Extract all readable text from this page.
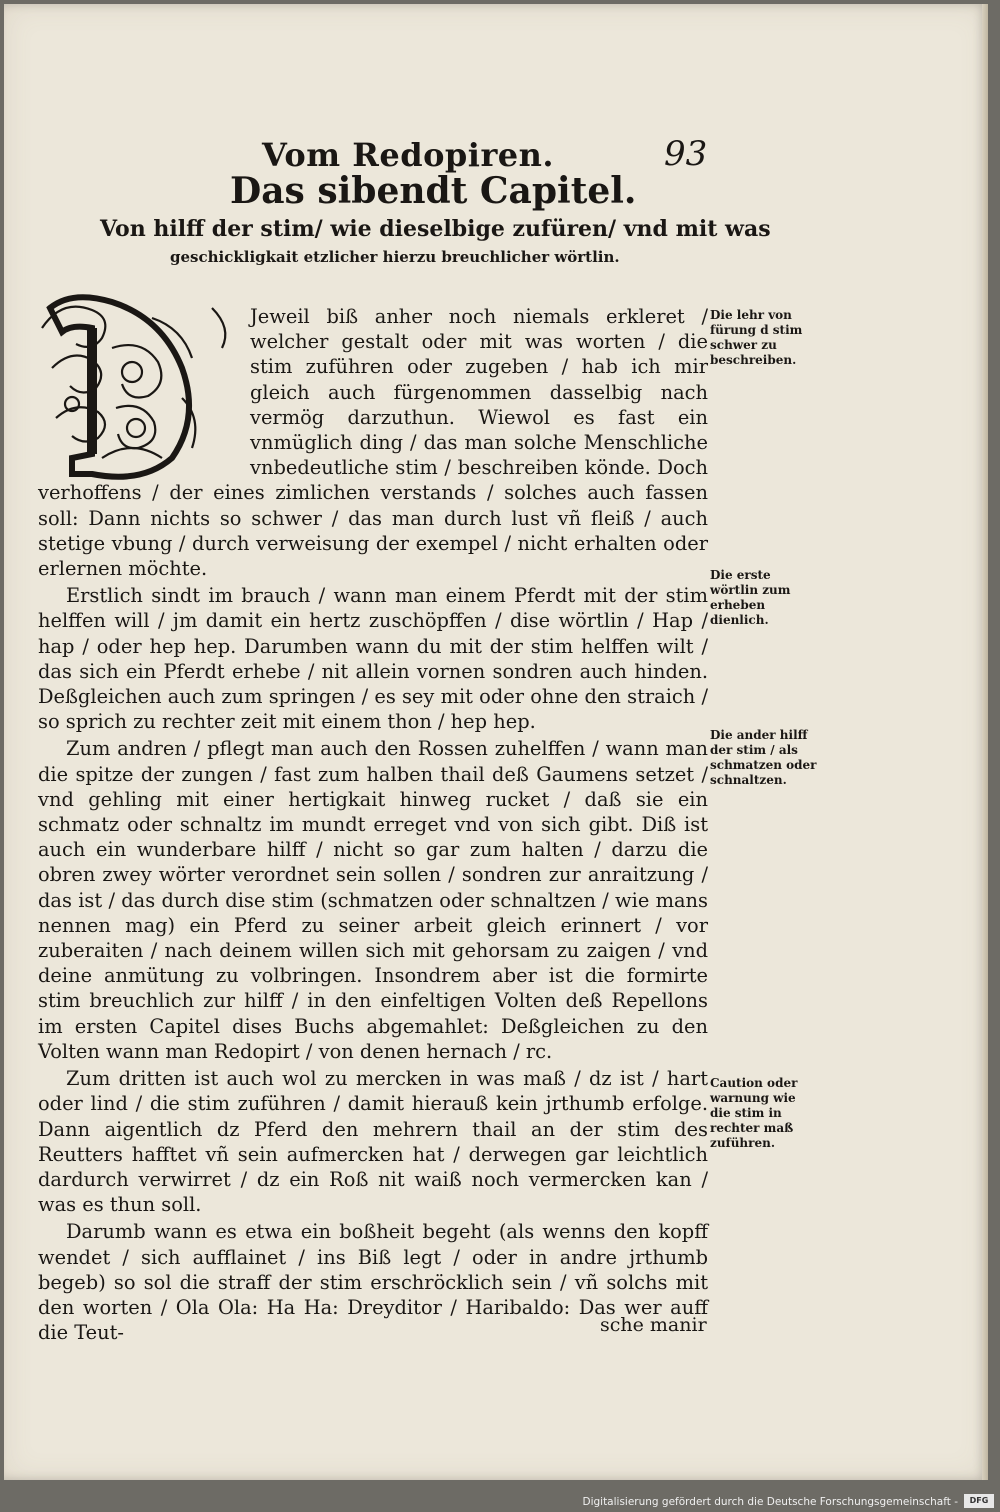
Vom Redopiren.	93
Das sibendt Capitel.
Von hilff der stim/ wie dieselbige zufüren/ vnd mit was
geschickligkait etzlicher hierzu breuchlicher wörtlin.

Jeweil biß anher noch niemals erkleret / welcher gestalt oder mit was worten / die stim zuführen oder zugeben / hab ich mir gleich auch fürgenommen dasselbig nach vermög darzuthun. Wiewol es fast ein vnmüglich ding / das man solche Menschliche vnbedeutliche stim / beschreiben könde. Doch verhoffens / der eines zimlichen verstands / solches auch fassen soll: Dann nichts so schwer / das man durch lust vñ fleiß / auch stetige vbung / durch verweisung der exempel / nicht erhalten oder erlernen möchte.

Erstlich sindt im brauch / wann man einem Pferdt mit der stim helffen will / jm damit ein hertz zuschöpffen / dise wörtlin / Hap / hap / oder hep hep. Darumben wann du mit der stim helffen wilt / das sich ein Pferdt erhebe / nit allein vornen sondren auch hinden. Deßgleichen auch zum springen / es sey mit oder ohne den straich / so sprich zu rechter zeit mit einem thon / hep hep.

Zum andren / pflegt man auch den Rossen zuhelffen / wann man die spitze der zungen / fast zum halben thail deß Gaumens setzet / vnd gehling mit einer hertigkait hinweg rucket / daß sie ein schmatz oder schnaltz im mundt erreget vnd von sich gibt. Diß ist auch ein wunderbare hilff / nicht so gar zum halten / darzu die obren zwey wörter verordnet sein sollen / sondren zur anraitzung / das ist / das durch dise stim (schmatzen oder schnaltzen / wie mans nennen mag) ein Pferd zu seiner arbeit gleich erinnert / vor zuberaiten / nach deinem willen sich mit gehorsam zu zaigen / vnd deine anmütung zu volbringen. Insondrem aber ist die formirte stim breuchlich zur hilff / in den einfeltigen Volten deß Repellons im ersten Capitel dises Buchs abgemahlet: Deßgleichen zu den Volten wann man Redopirt / von denen hernach / rc.

Zum dritten ist auch wol zu mercken in was maß / dz ist / hart oder lind / die stim zuführen / damit hierauß kein jrthumb erfolge. Dann aigentlich dz Pferd den mehrern thail an der stim des Reutters hafftet vñ sein aufmercken hat / derwegen gar leichtlich dardurch verwirret / dz ein Roß nit waiß noch vermercken kan / was es thun soll.

Darumb wann es etwa ein boßheit begeht (als wenns den kopff wendet / sich aufflainet / ins Biß legt / oder in andre jrthumb begeb) so sol die straff der stim erschröcklich sein / vñ solchs mit den worten / Ola Ola: Ha Ha: Dreyditor / Haribaldo: Das wer auff die Teut-

Die lehr von fürung d stim schwer zu beschreiben.
Die erste wörtlin zum erheben dienlich.
Die ander hilff der stim / als schmatzen oder schnaltzen.
Caution oder warnung wie die stim in rechter maß zuführen.
sche manir
Digitalisierung gefördert durch die Deutsche Forschungsgemeinschaft -	DFG
